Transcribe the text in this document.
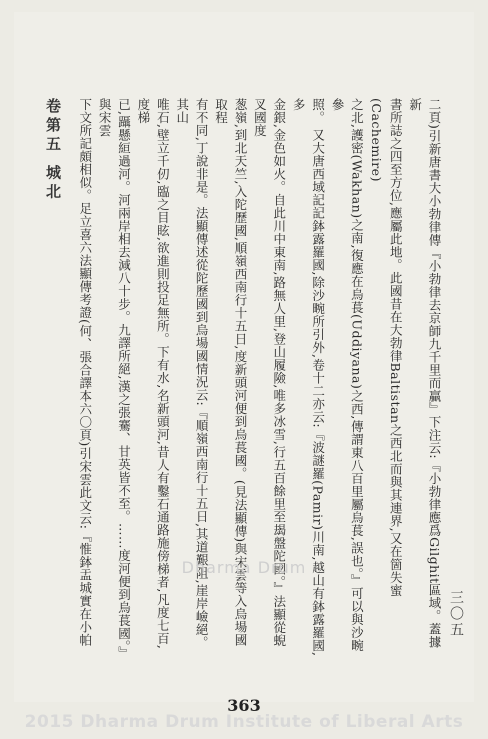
卷第五 城北	二頁)引新唐書大小勃律傳『小勃律去京師九千里而贏』下注云:『小勃律應爲Gilghit區域。蓋據新
書所誌之四至方位,應屬此地。此國昔在大勃律Baltistan之西北而與其連界,又在箇失蜜(Cachemire)
之北,護密(Wakhan)之南,復應在烏萇(Uddiyana)之西,傳謂東八百里屬烏萇,誤也。』可以與沙畹參
照。 又大唐西域記記鉢露羅國,除沙畹所引外,卷十二亦云:『波謎羅(Pamir)川南,越山有鉢露羅國,多
金銀,金色如火。自此川中東南,路無人里,登山履險,唯多冰雪,行五百餘里至朅盤陀國。』法顯從蜺叉國度
葱嶺,到北天竺,入陀歷國,順嶺西南行十五日,度新頭河便到烏萇國。(見法顯傳)與宋雲等入烏場國取程
有不同,丁說非是。法顯傳述從陀歷國到烏場國情況云:『順嶺西南行十五日,其道艱阻,崖岸嶮絕。其山
唯石,壁立千仞,臨之目眩,欲進則投足無所。下有水,名新頭河,昔人有鑿石通路施傍梯者,凡度七百,度梯
已,躡懸絙過河。河兩岸相去減八十步。九譯所絕,漢之張騫、甘英皆不至。……度河便到烏萇國。』與宋雲
下文所記頗相似。足立喜六法顯傳考證(何、張合譯本六〇頁)引宋雲此文云:『惟鉢盂城實在小帕
三〇五
Dharma Drum
363
2015 Dharma Drum Institute of Liberal Arts
